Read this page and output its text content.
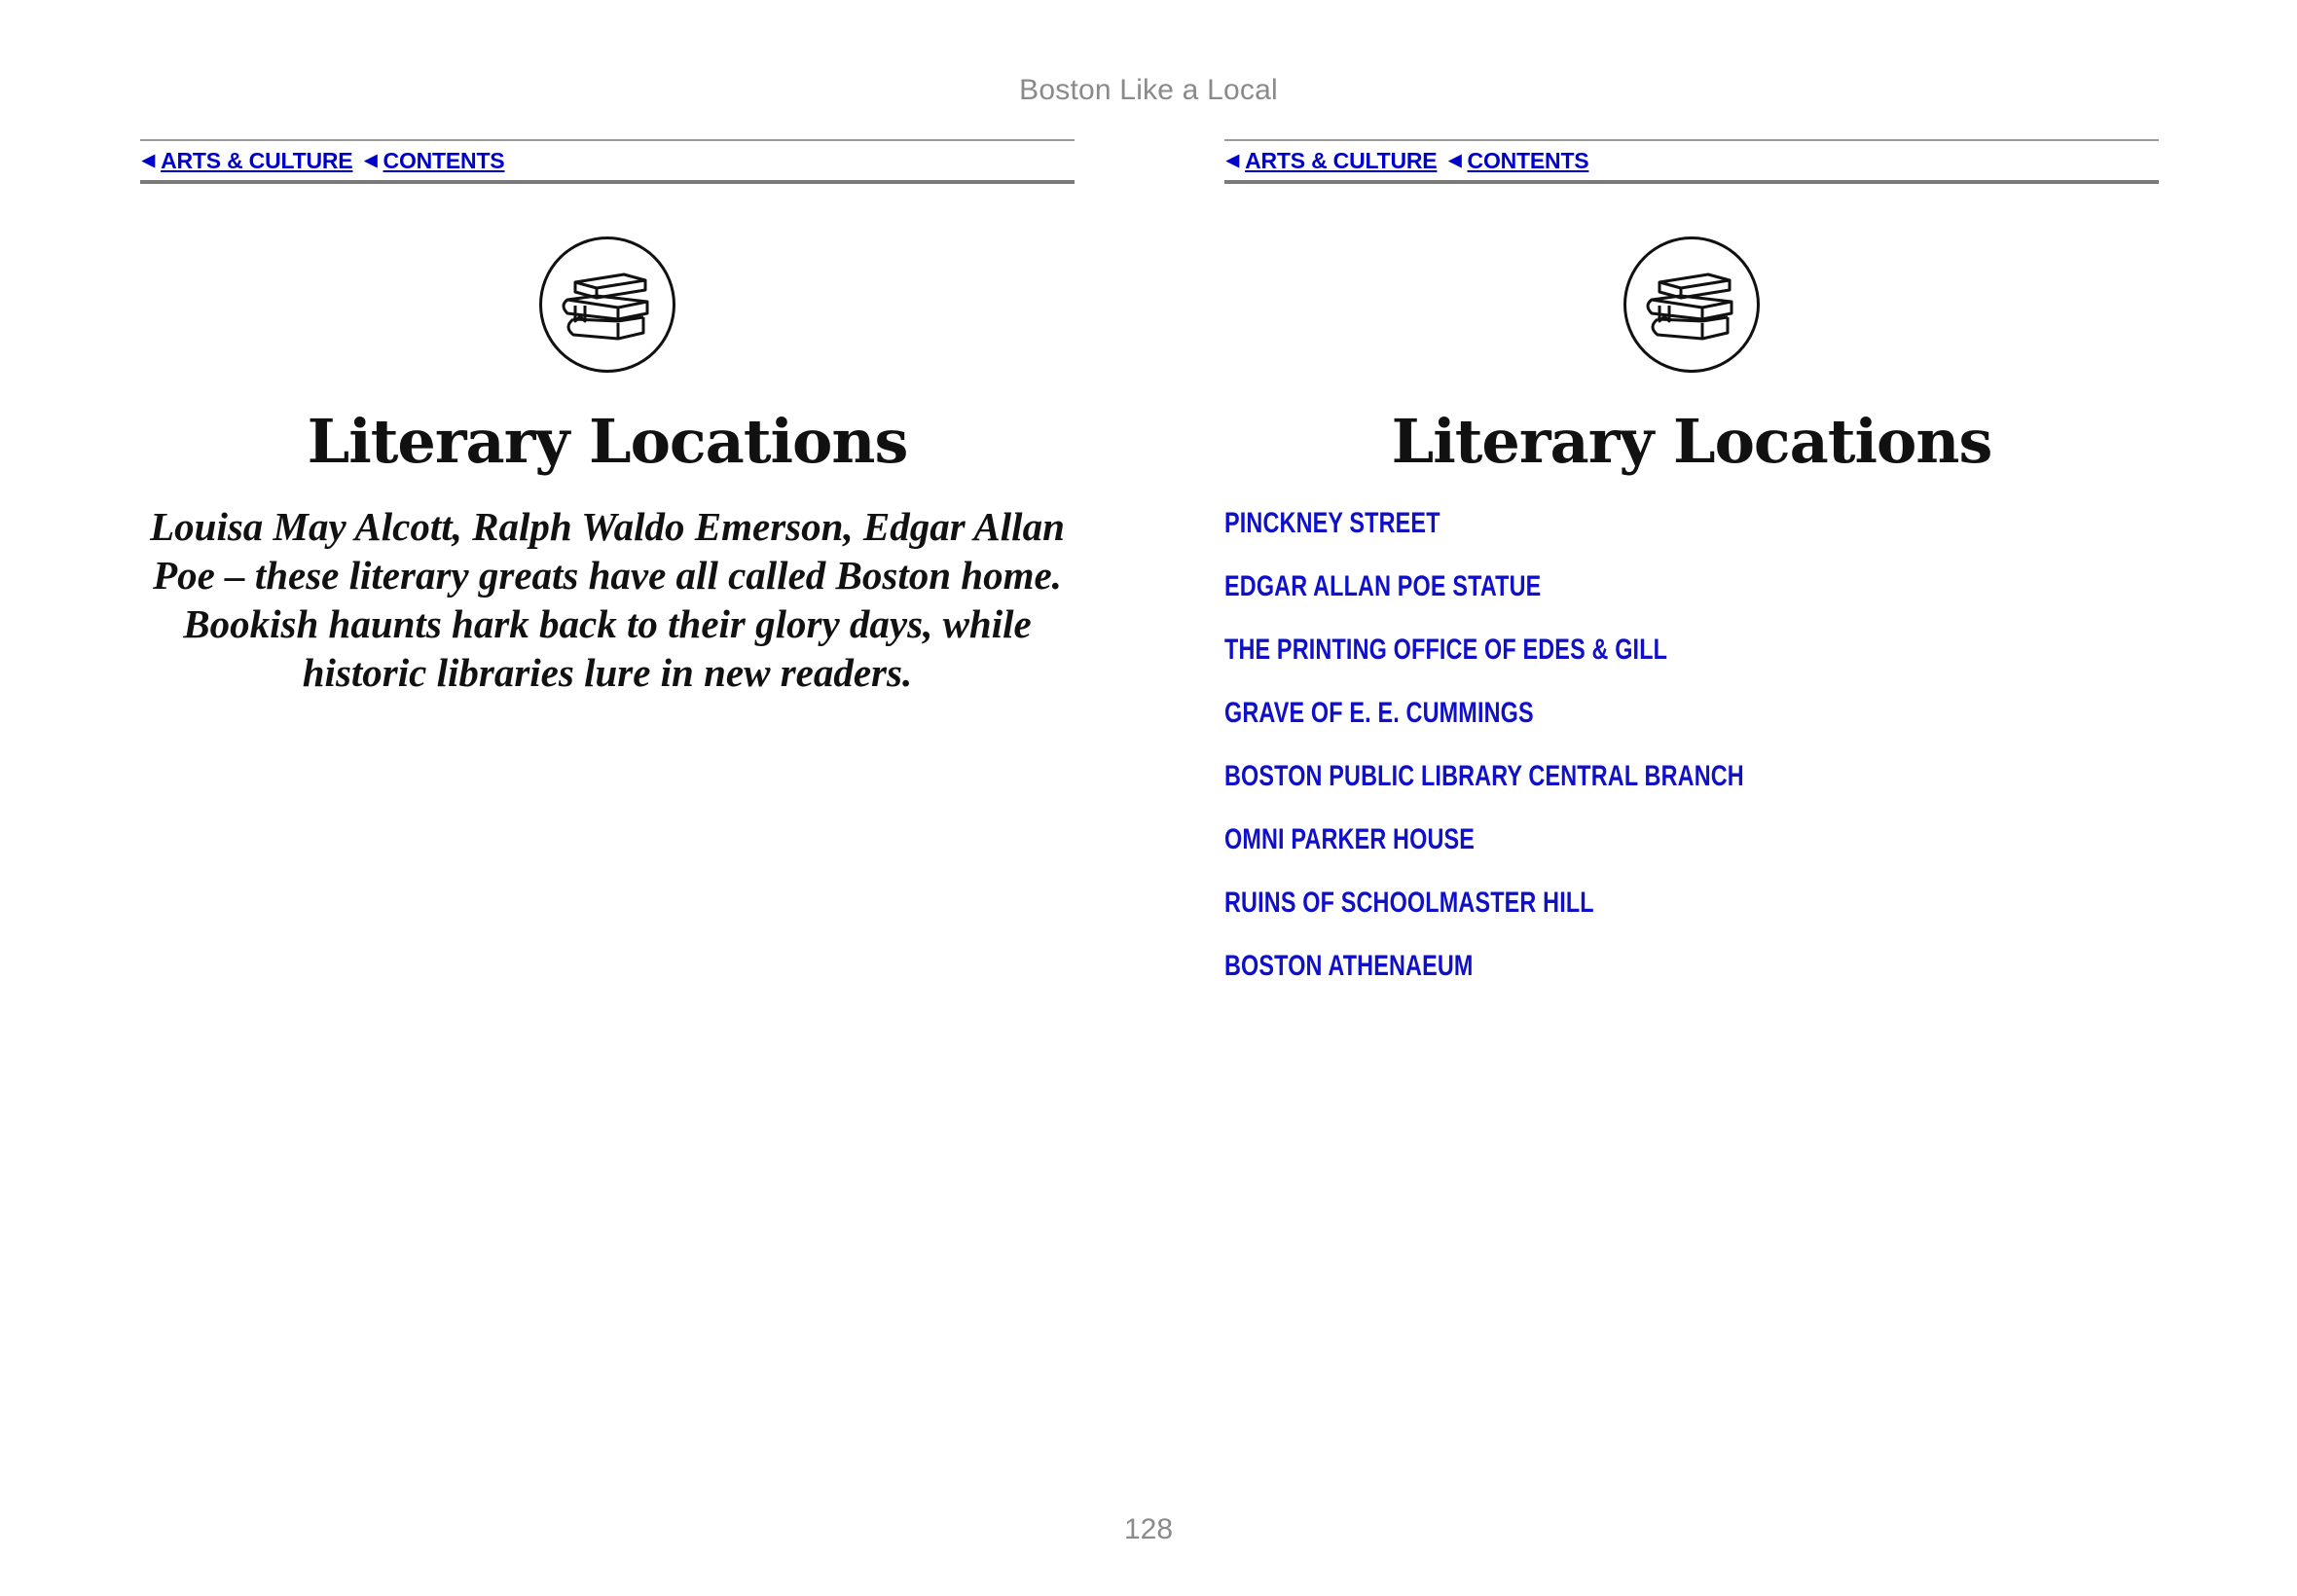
Boston Like a Local
◀ ARTS & CULTURE ◀ CONTENTS
Literary Locations
Louisa May Alcott, Ralph Waldo Emerson, Edgar Allan Poe – these literary greats have all called Boston home. Bookish haunts hark back to their glory days, while historic libraries lure in new readers.
◀ ARTS & CULTURE ◀ CONTENTS
Literary Locations
PINCKNEY STREET
EDGAR ALLAN POE STATUE
THE PRINTING OFFICE OF EDES & GILL
GRAVE OF E. E. CUMMINGS
BOSTON PUBLIC LIBRARY CENTRAL BRANCH
OMNI PARKER HOUSE
RUINS OF SCHOOLMASTER HILL
BOSTON ATHENAEUM
128
